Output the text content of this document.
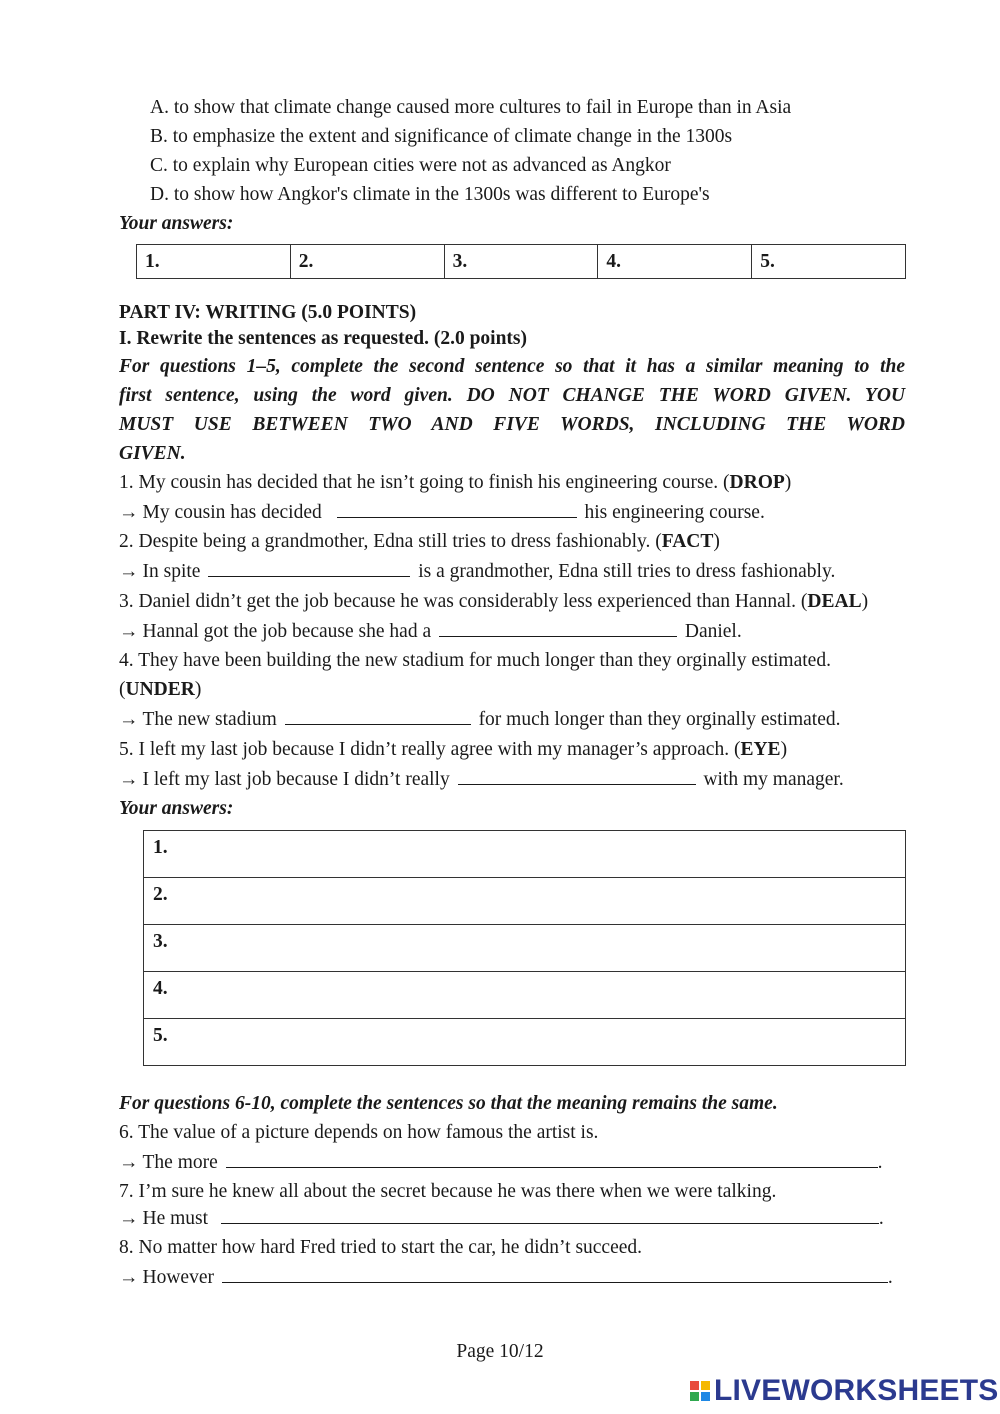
A. to show that climate change caused more cultures to fail in Europe than in Asia
B. to emphasize the extent and significance of climate change in the 1300s
C. to explain why European cities were not as advanced as Angkor
D. to show how Angkor's climate in the 1300s was different to Europe's
Your answers:
1.	2.	3.	4.	5.
PART IV: WRITING (5.0 POINTS)
I. Rewrite the sentences as requested. (2.0 points)
For questions 1–5, complete the second sentence so that it has a similar meaning to the
first sentence, using the word given. DO NOT CHANGE THE WORD GIVEN. YOU
MUST USE BETWEEN TWO AND FIVE WORDS, INCLUDING THE WORD
GIVEN.
1. My cousin has decided that he isn’t going to finish his engineering course. (DROP)
→ My cousin has decided	his engineering course.
2. Despite being a grandmother, Edna still tries to dress fashionably. (FACT)
→ In spite	is a grandmother, Edna still tries to dress fashionably.
3. Daniel didn’t get the job because he was considerably less experienced than Hannal. (DEAL)
→ Hannal got the job because she had a	Daniel.
4. They have been building the new stadium for much longer than they orginally estimated.
(UNDER)
→ The new stadium	for much longer than they orginally estimated.
5. I left my last job because I didn’t really agree with my manager’s approach. (EYE)
→ I left my last job because I didn’t really	with my manager.
Your answers:
1.
2.
3.
4.
5.
For questions 6-10, complete the sentences so that the meaning remains the same.
6. The value of a picture depends on how famous the artist is.
→ The more	.
7. I’m sure he knew all about the secret because he was there when we were talking.
→ He must	.
8. No matter how hard Fred tried to start the car, he didn’t succeed.
→ However	.
Page 10/12
LIVEWORKSHEETS
